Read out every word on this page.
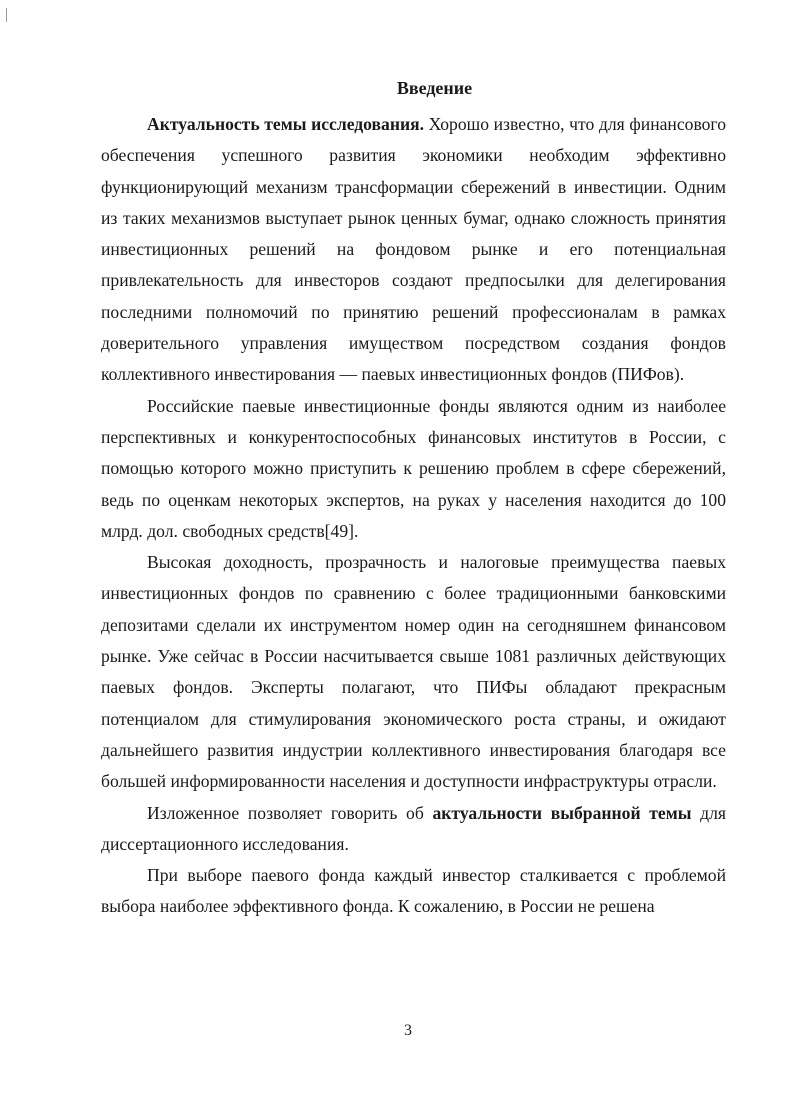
Введение

Актуальность темы исследования. Хорошо известно, что для финансового обеспечения успешного развития экономики необходим эффективно функционирующий механизм трансформации сбережений в инвестиции. Одним из таких механизмов выступает рынок ценных бумаг, однако сложность принятия инвестиционных решений на фондовом рынке и его потенциальная привлекательность для инвесторов создают предпосылки для делегирования последними полномочий по принятию решений профессионалам в рамках доверительного управления имуществом посредством создания фондов коллективного инвестирования — паевых инвестиционных фондов (ПИФов).

Российские паевые инвестиционные фонды являются одним из наиболее перспективных и конкурентоспособных финансовых институтов в России, с помощью которого можно приступить к решению проблем в сфере сбережений, ведь по оценкам некоторых экспертов, на руках у населения находится до 100 млрд. дол. свободных средств[49].

Высокая доходность, прозрачность и налоговые преимущества паевых инвестиционных фондов по сравнению с более традиционными банковскими депозитами сделали их инструментом номер один на сегодняшнем финансовом рынке. Уже сейчас в России насчитывается свыше 1081 различных действующих паевых фондов. Эксперты полагают, что ПИФы обладают прекрасным потенциалом для стимулирования экономического роста страны, и ожидают дальнейшего развития индустрии коллективного инвестирования благодаря все большей информированности населения и доступности инфраструктуры отрасли.

Изложенное позволяет говорить об актуальности выбранной темы для диссертационного исследования.

При выборе паевого фонда каждый инвестор сталкивается с проблемой выбора наиболее эффективного фонда. К сожалению, в России не решена

3
